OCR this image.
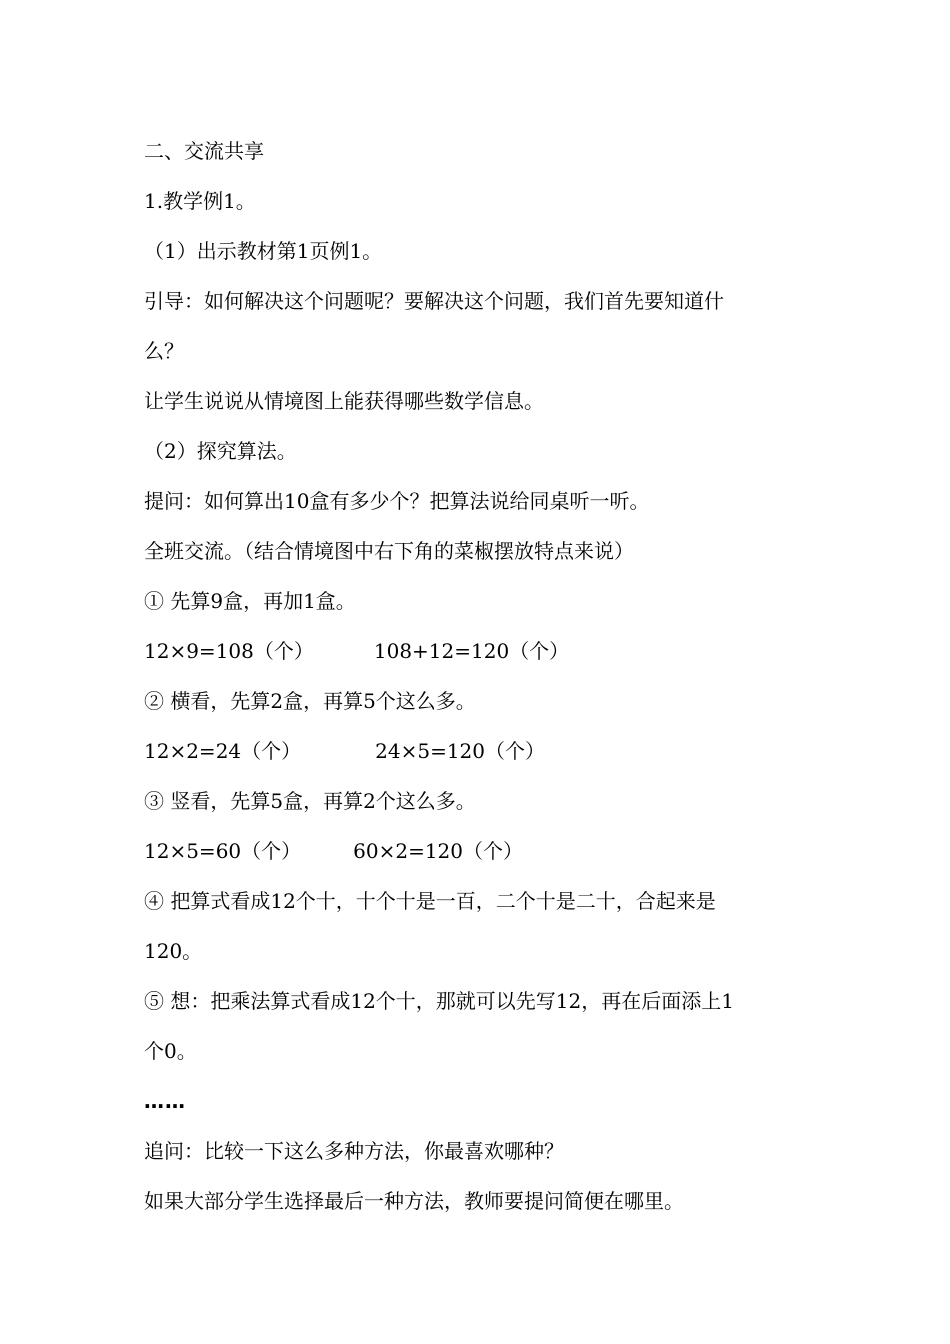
二、交流共享
1.教学例1。
（1）出示教材第1页例1。
引导：如何解决这个问题呢？要解决这个问题，我们首先要知道什
么？
让学生说说从情境图上能获得哪些数学信息。
（2）探究算法。
提问：如何算出10盒有多少个？把算法说给同桌听一听。
全班交流。（结合情境图中右下角的菜椒摆放特点来说）
① 先算9盒，再加1盒。
12×9=108（个）	108+12=120（个）
② 横看，先算2盒，再算5个这么多。
12×2=24（个）	24×5=120（个）
③ 竖看，先算5盒，再算2个这么多。
12×5=60（个）	60×2=120（个）
④ 把算式看成12个十，十个十是一百，二个十是二十，合起来是
120。
⑤ 想：把乘法算式看成12个十，那就可以先写12，再在后面添上1
个0。
……
追问：比较一下这么多种方法，你最喜欢哪种？
如果大部分学生选择最后一种方法，教师要提问简便在哪里。
